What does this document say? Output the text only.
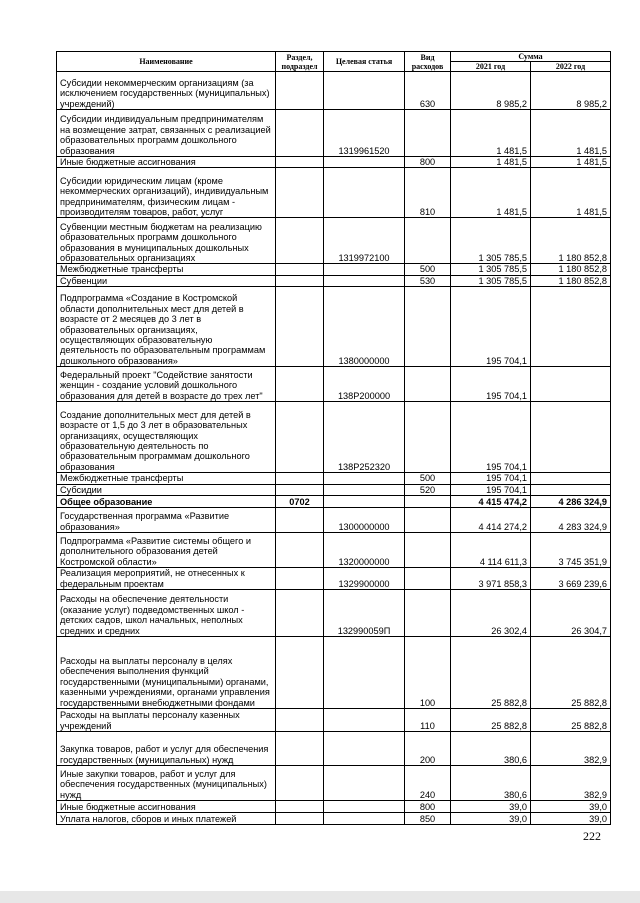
Наименование	Раздел, подраздел	Целевая статья	Вид расходов	Сумма	
				2021 год	2022 год
Субсидии некоммерческим организациям (за исключением государственных (муниципальных) учреждений)			630	8 985,2	8 985,2
Субсидии индивидуальным предпринимателям на возмещение затрат, связанных с реализацией образовательных программ дошкольного образования		1319961520		1 481,5	1 481,5
Иные бюджетные ассигнования			800	1 481,5	1 481,5
Субсидии юридическим лицам (кроме некоммерческих организаций), индивидуальным предпринимателям, физическим лицам - производителям товаров, работ, услуг			810	1 481,5	1 481,5
Субвенции местным бюджетам на реализацию образовательных программ дошкольного образования в муниципальных дошкольных образовательных организациях		1319972100		1 305 785,5	1 180 852,8
Межбюджетные трансферты			500	1 305 785,5	1 180 852,8
Субвенции			530	1 305 785,5	1 180 852,8
Подпрограмма «Создание в Костромской области дополнительных мест для детей в возрасте от 2 месяцев до 3 лет в образовательных организациях, осуществляющих образовательную деятельность по образовательным программам дошкольного образования»		1380000000		195 704,1	
Федеральный проект "Содействие занятости женщин - создание условий дошкольного образования для детей в возрасте до трех лет"		138P200000		195 704,1	
Создание дополнительных мест для детей в возрасте от 1,5 до 3 лет в образовательных организациях, осуществляющих образовательную деятельность по образовательным программам дошкольного образования		138P252320		195 704,1	
Межбюджетные трансферты			500	195 704,1	
Субсидии			520	195 704,1	
Общее образование	0702			4 415 474,2	4 286 324,9
Государственная программа «Развитие образования»		1300000000		4 414 274,2	4 283 324,9
Подпрограмма «Развитие системы общего и дополнительного образования детей Костромской области»		1320000000		4 114 611,3	3 745 351,9
Реализация мероприятий, не отнесенных к федеральным проектам		1329900000		3 971 858,3	3 669 239,6
Расходы на обеспечение деятельности (оказание услуг) подведомственных школ - детских садов, школ начальных, неполных средних и средних		132990059П		26 302,4	26 304,7
Расходы на выплаты персоналу в целях обеспечения выполнения функций государственными (муниципальными) органами, казенными учреждениями, органами управления государственными внебюджетными фондами			100	25 882,8	25 882,8
Расходы на выплаты персоналу казенных учреждений			110	25 882,8	25 882,8
Закупка товаров, работ и услуг для обеспечения государственных (муниципальных) нужд			200	380,6	382,9
Иные закупки товаров, работ и услуг для обеспечения государственных (муниципальных) нужд			240	380,6	382,9
Иные бюджетные ассигнования			800	39,0	39,0
Уплата налогов, сборов и иных платежей			850	39,0	39,0
222
